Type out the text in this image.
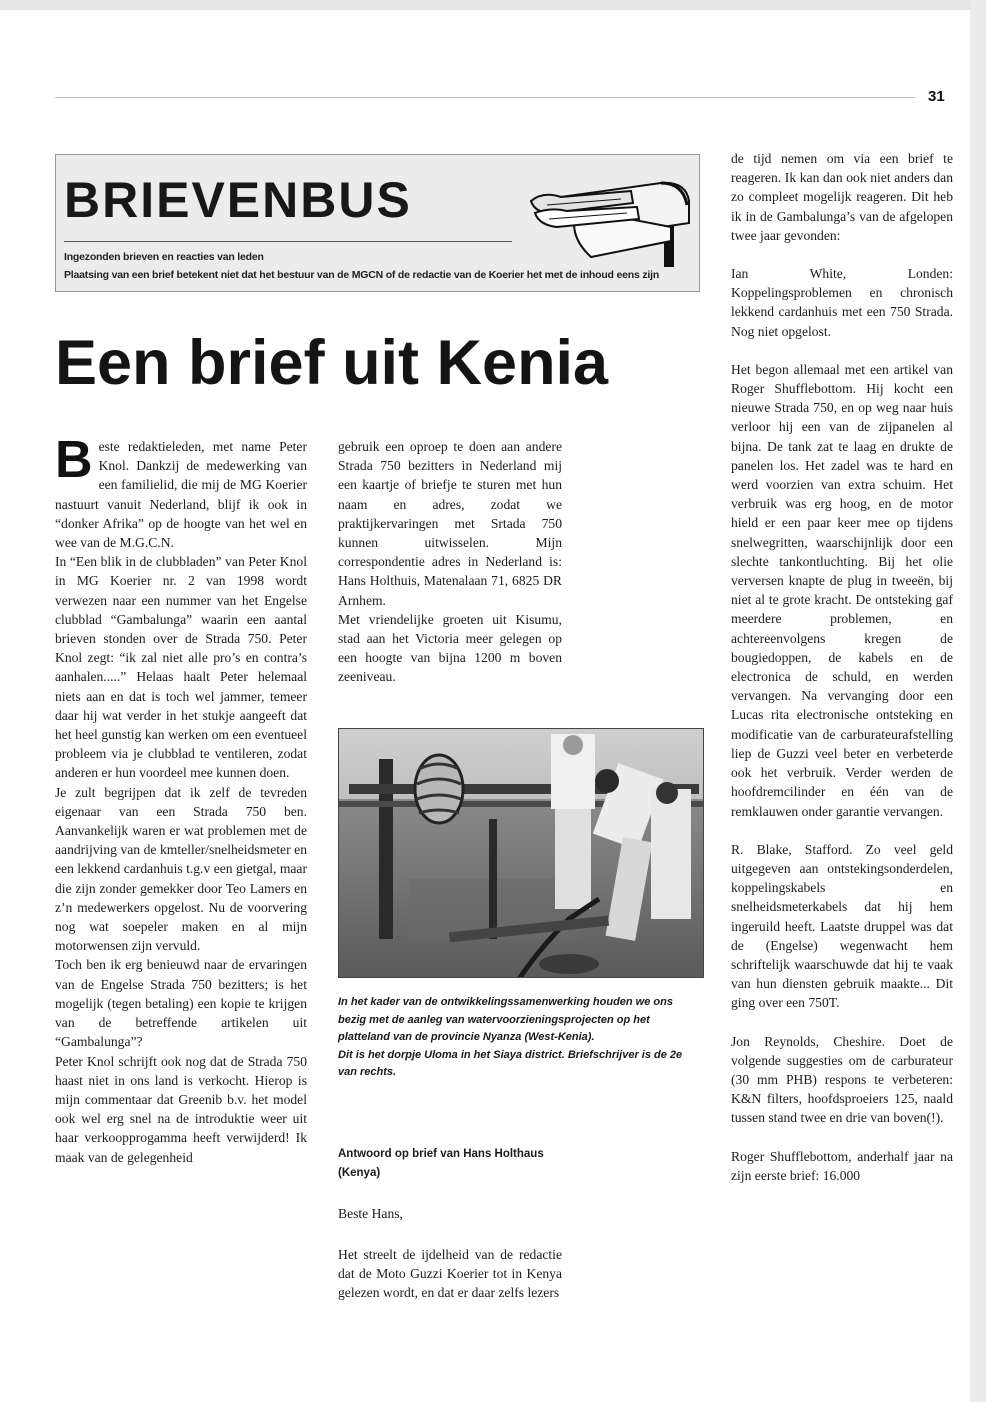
31
BRIEVENBUS
Ingezonden brieven en reacties van leden
Plaatsing van een brief betekent niet dat het bestuur van de MGCN of de redactie van de Koerier het met de inhoud eens zijn
Een brief uit Kenia

Beste redaktieleden, met name Peter Knol. Dankzij de medewerking van een familielid, die mij de MG Koerier nastuurt vanuit Nederland, blijf ik ook in “donker Afrika” op de hoogte van het wel en wee van de M.G.C.N.

In “Een blik in de clubbladen” van Peter Knol in MG Koerier nr. 2 van 1998 wordt verwezen naar een nummer van het Engelse clubblad “Gambalunga” waarin een aantal brieven stonden over de Strada 750. Peter Knol zegt: “ik zal niet alle pro’s en contra’s aanhalen.....” Helaas haalt Peter helemaal niets aan en dat is toch wel jammer, temeer daar hij wat verder in het stukje aangeeft dat het heel gunstig kan werken om een eventueel probleem via je clubblad te ventileren, zodat anderen er hun voordeel mee kunnen doen.

Je zult begrijpen dat ik zelf de tevreden eigenaar van een Strada 750 ben. Aanvankelijk waren er wat problemen met de aandrijving van de kmteller/snelheidsmeter en een lekkend cardanhuis t.g.v een gietgal, maar die zijn zonder gemekker door Teo Lamers en z’n medewerkers opgelost. Nu de voorvering nog wat soepeler maken en al mijn motorwensen zijn vervuld.

Toch ben ik erg benieuwd naar de ervaringen van de Engelse Strada 750 bezitters; is het mogelijk (tegen betaling) een kopie te krijgen van de betreffende artikelen uit “Gambalunga”?

Peter Knol schrijft ook nog dat de Strada 750 haast niet in ons land is verkocht. Hierop is mijn commentaar dat Greenib b.v. het model ook wel erg snel na de introduktie weer uit haar verkoopprogamma heeft verwijderd! Ik maak van de gelegenheid

gebruik een oproep te doen aan andere Strada 750 bezitters in Nederland mij een kaartje of briefje te sturen met hun naam en adres, zodat we praktijkervaringen met Srtada 750 kunnen uitwisselen. Mijn correspondentie adres in Nederland is: Hans Holthuis, Matenalaan 71, 6825 DR Arnhem.

Met vriendelijke groeten uit Kisumu, stad aan het Victoria meer gelegen op een hoogte van bijna 1200 m boven zeeniveau.

In het kader van de ontwikkelingssamenwerking houden we ons bezig met de aanleg van watervoorzieningsprojecten op het platteland van de provincie Nyanza (West-Kenia).

Dit is het dorpje Uloma in het Siaya district. Briefschrijver is de 2e van rechts.

Antwoord op brief van Hans Holthaus (Kenya)
Beste Hans,
Het streelt de ijdelheid van de redactie dat de Moto Guzzi Koerier tot in Kenya gelezen wordt, en dat er daar zelfs lezers

de tijd nemen om via een brief te reageren. Ik kan dan ook niet anders dan zo compleet mogelijk reageren. Dit heb ik in de Gambalunga’s van de afgelopen twee jaar gevonden:

Ian White, Londen: Koppelingsproblemen en chronisch lekkend cardanhuis met een 750 Strada. Nog niet opgelost.

Het begon allemaal met een artikel van Roger Shufflebottom. Hij kocht een nieuwe Strada 750, en op weg naar huis verloor hij een van de zijpanelen al bijna. De tank zat te laag en drukte de panelen los. Het zadel was te hard en werd voorzien van extra schuim. Het verbruik was erg hoog, en de motor hield er een paar keer mee op tijdens snelwegritten, waarschijnlijk door een slechte tankontluchting. Bij het olie verversen knapte de plug in tweeën, bij niet al te grote kracht. De ontsteking gaf meerdere problemen, en achtereenvolgens kregen de bougiedoppen, de kabels en de electronica de schuld, en werden vervangen. Na vervanging door een Lucas rita electronische ontsteking en modificatie van de carburateurafstelling liep de Guzzi veel beter en verbeterde ook het verbruik. Verder werden de hoofdremcilinder en één van de remklauwen onder garantie vervangen.

R. Blake, Stafford. Zo veel geld uitgegeven aan ontstekingsonderdelen, koppelingskabels en snelheidsmeterkabels dat hij hem ingeruild heeft. Laatste druppel was dat de (Engelse) wegenwacht hem schriftelijk waarschuwde dat hij te vaak van hun diensten gebruik maakte... Dit ging over een 750T.

Jon Reynolds, Cheshire. Doet de volgende suggesties om de carburateur (30 mm PHB) respons te verbeteren: K&N filters, hoofdsproeiers 125, naald tussen stand twee en drie van boven(!).

Roger Shufflebottom, anderhalf jaar na zijn eerste brief: 16.000
